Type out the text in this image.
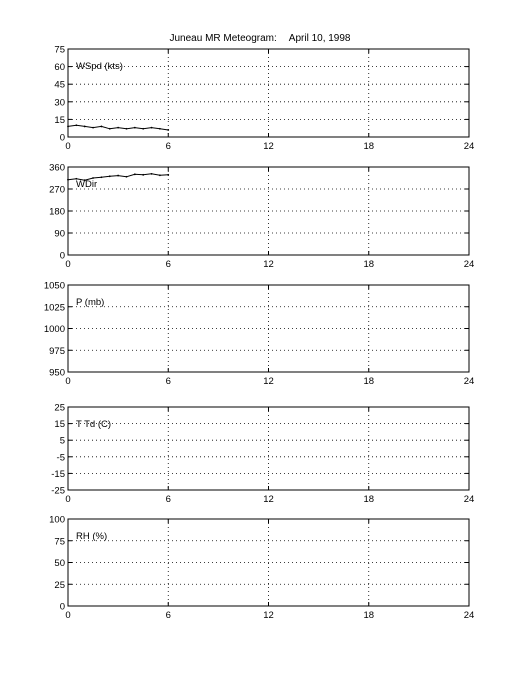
Juneau MR Meteogram: April 10, 1998
0	6	12	18	24
0
15
30
45
60
75
WSpd (kts)
0	6	12	18	24
0
90
180
270
360
WDir
0	6	12	18	24
950
975
1000
1025
1050
P (mb)
0	6	12	18	24
-25
-15
-5
5
15
25
T Td (C)
0	6	12	18	24
0
25
50
75
100
RH (%)
